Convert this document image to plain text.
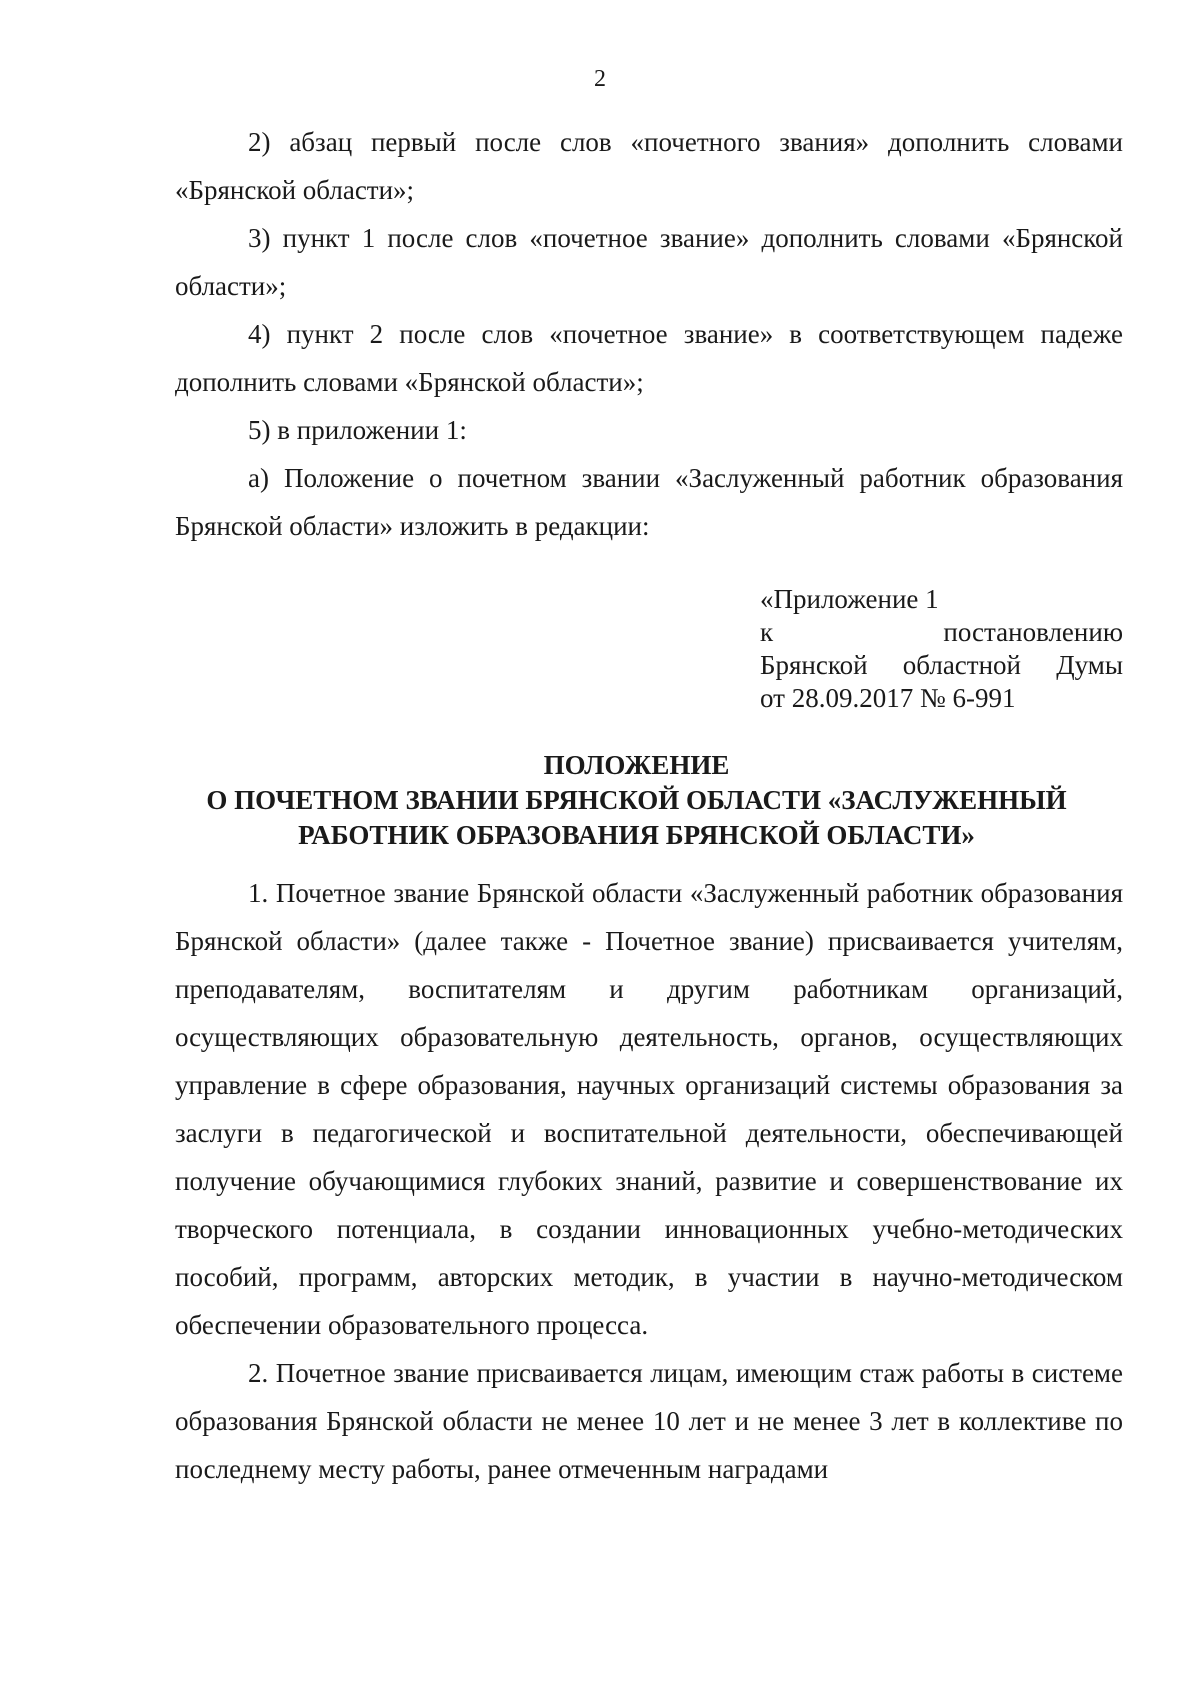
2

2) абзац первый после слов «почетного звания» дополнить словами «Брянской области»;

3) пункт 1 после слов «почетное звание» дополнить словами «Брянской области»;

4) пункт 2 после слов «почетное звание» в соответствующем падеже дополнить словами «Брянской области»;

5) в приложении 1:

а) Положение о почетном звании «Заслуженный работник образования Брянской области» изложить в редакции:

«Приложение 1
к постановлению
Брянской областной Думы
от 28.09.2017 № 6-991
ПОЛОЖЕНИЕ
О ПОЧЕТНОМ ЗВАНИИ БРЯНСКОЙ ОБЛАСТИ «ЗАСЛУЖЕННЫЙ
РАБОТНИК ОБРАЗОВАНИЯ БРЯНСКОЙ ОБЛАСТИ»

1. Почетное звание Брянской области «Заслуженный работник образования Брянской области» (далее также - Почетное звание) присваивается учителям, преподавателям, воспитателям и другим работникам организаций, осуществляющих образовательную деятельность, органов, осуществляющих управление в сфере образования, научных организаций системы образования за заслуги в педагогической и воспитательной деятельности, обеспечивающей получение обучающимися глубоких знаний, развитие и совершенствование их творческого потенциала, в создании инновационных учебно-методических пособий, программ, авторских методик, в участии в научно-методическом обеспечении образовательного процесса.

2. Почетное звание присваивается лицам, имеющим стаж работы в системе образования Брянской области не менее 10 лет и не менее 3 лет в коллективе по последнему месту работы, ранее отмеченным наградами
